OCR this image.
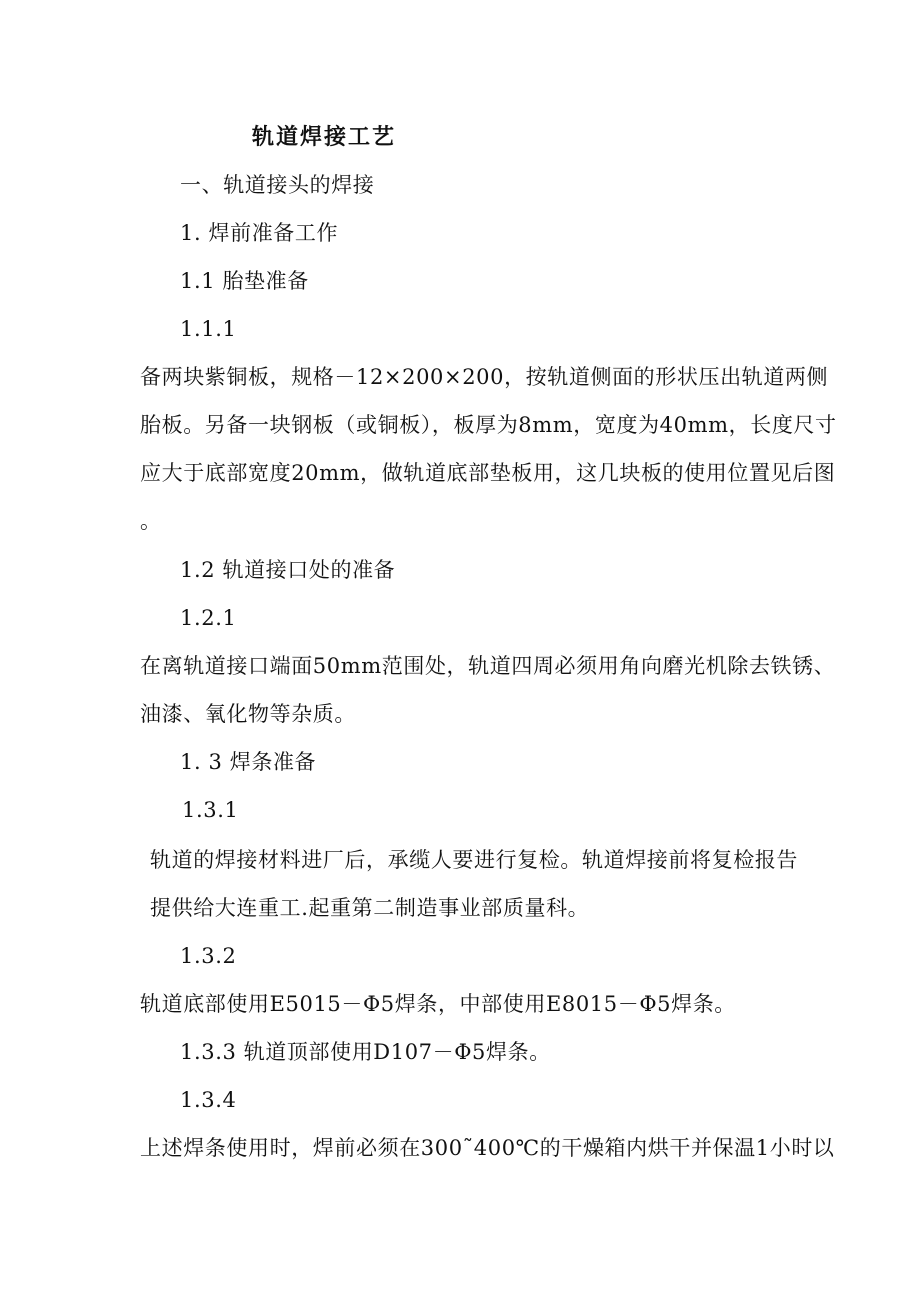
轨道焊接工艺
一、轨道接头的焊接
1. 焊前准备工作
1.1 胎垫准备
1.1.1
备两块紫铜板，规格－12×200×200，按轨道侧面的形状压出轨道两侧
胎板。另备一块钢板（或铜板），板厚为8mm，宽度为40mm，长度尺寸
应大于底部宽度20mm，做轨道底部垫板用，这几块板的使用位置见后图
。
1.2 轨道接口处的准备
1.2.1
在离轨道接口端面50mm范围处，轨道四周必须用角向磨光机除去铁锈、
油漆、氧化物等杂质。
1. 3 焊条准备
1.3.1
轨道的焊接材料进厂后，承缆人要进行复检。轨道焊接前将复检报告
提供给大连重工.起重第二制造事业部质量科。
1.3.2
轨道底部使用E5015－Φ5焊条，中部使用E8015－Φ5焊条。
1.3.3 轨道顶部使用D107－Φ5焊条。
1.3.4
上述焊条使用时，焊前必须在300˜400℃的干燥箱内烘干并保温1小时以
